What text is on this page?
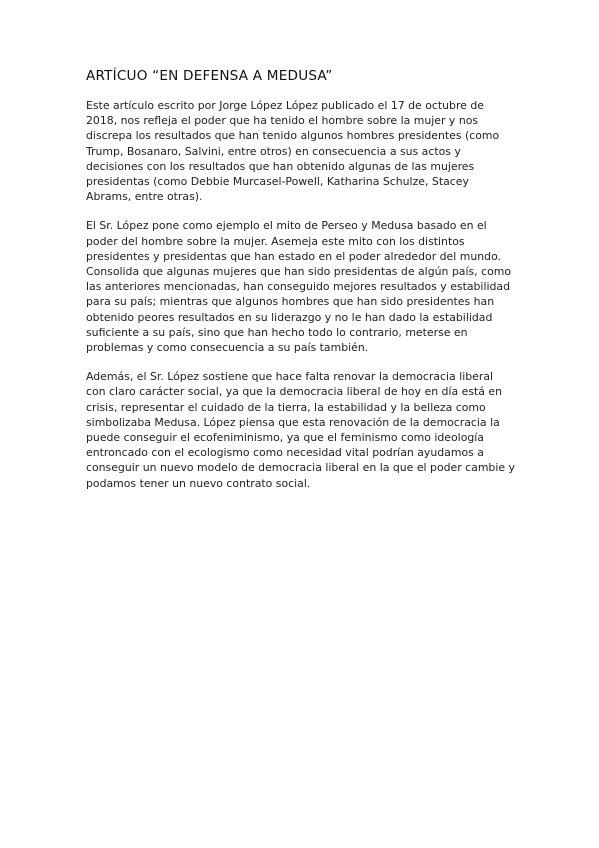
ARTÍCUO “EN DEFENSA A MEDUSA”

Este artículo escrito por Jorge López López publicado el 17 de octubre de 2018, nos refleja el poder que ha tenido el hombre sobre la mujer y nos discrepa los resultados que han tenido algunos hombres presidentes (como Trump, Bosanaro, Salvini, entre otros) en consecuencia a sus actos y decisiones con los resultados que han obtenido algunas de las mujeres presidentas (como Debbie Murcasel-Powell, Katharina Schulze, Stacey Abrams, entre otras).

El Sr. López pone como ejemplo el mito de Perseo y Medusa basado en el poder del hombre sobre la mujer. Asemeja este mito con los distintos presidentes y presidentas que han estado en el poder alrededor del mundo. Consolida que algunas mujeres que han sido presidentas de algún país, como las anteriores mencionadas, han conseguido mejores resultados y estabilidad para su país; mientras que algunos hombres que han sido presidentes han obtenido peores resultados en su liderazgo y no le han dado la estabilidad suficiente a su país, sino que han hecho todo lo contrario, meterse en problemas y como consecuencia a su país también.

Además, el Sr. López sostiene que hace falta renovar la democracia liberal con claro carácter social, ya que la democracia liberal de hoy en día está en crisis, representar el cuidado de la tierra, la estabilidad y la belleza como simbolizaba Medusa. López piensa que esta renovación de la democracia la puede conseguir el ecofeniminismo, ya que el feminismo como ideología entroncado con el ecologismo como necesidad vital podrían ayudamos a conseguir un nuevo modelo de democracia liberal en la que el poder cambie y podamos tener un nuevo contrato social.
